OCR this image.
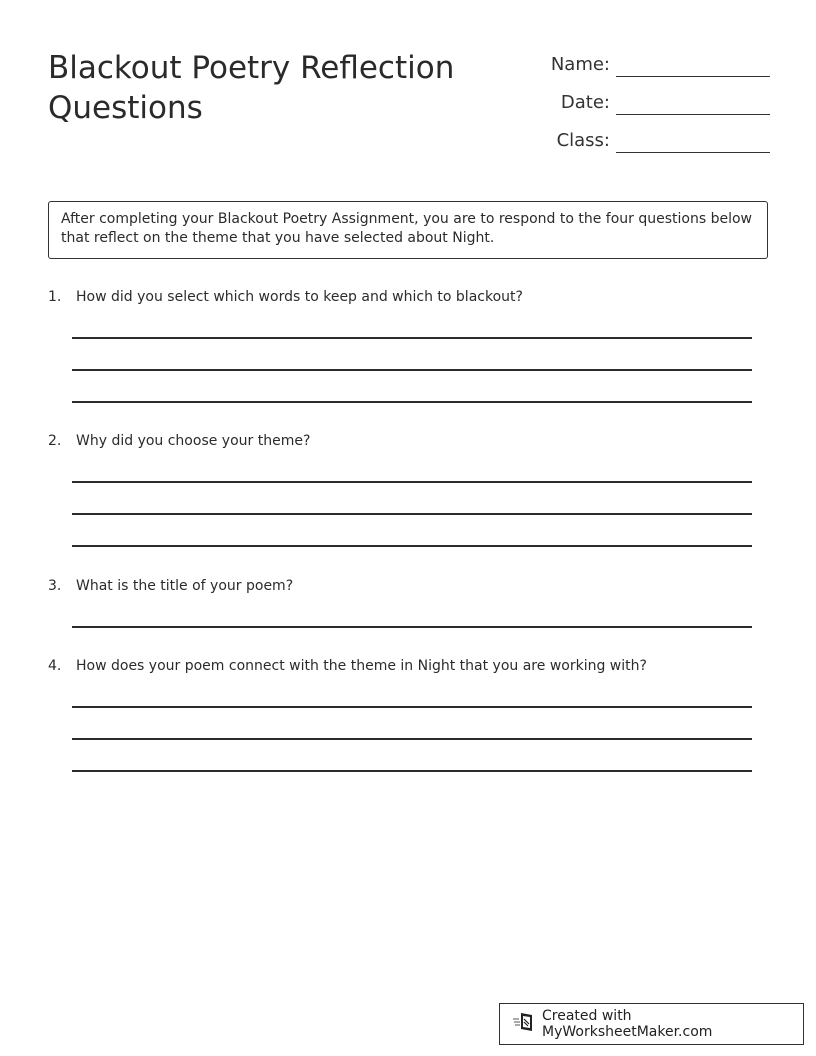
Blackout Poetry Reflection Questions
Name:
Date:
Class:
After completing your Blackout Poetry Assignment, you are to respond to the four questions below that reflect on the theme that you have selected about Night.
1.	How did you select which words to keep and which to blackout?
2.	Why did you choose your theme?
3.	What is the title of your poem?
4.	How does your poem connect with the theme in Night that you are working with?
Created with MyWorksheetMaker.com
